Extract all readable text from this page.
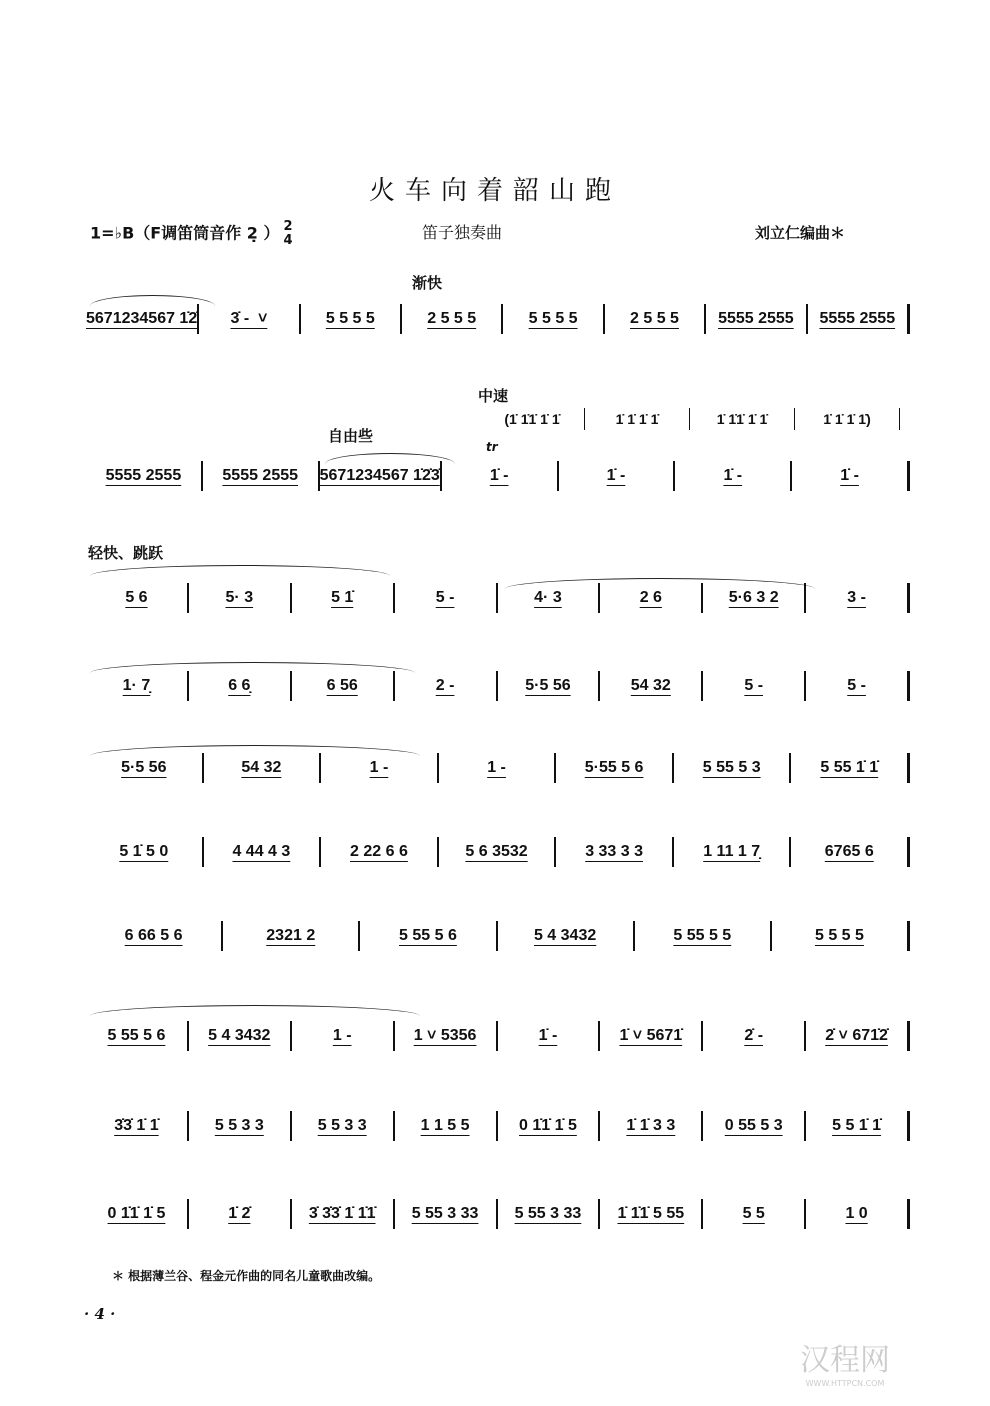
火车向着韶山跑
1=♭B（F调笛筒音作 2̣ ） 2
4	笛子独奏曲	刘立仁编曲＊
渐快
自由些
中速
tr
轻快、跳跃
(1̇ 1̇1̇ 1̇ 1̇	1̇ 1̇ 1̇ 1̇	1̇ 1̇1̇ 1̇ 1̇	1̇ 1̇ 1̇ 1̇)
5671234567 1̇2̇	3̇ -  ˅	5 5 5 5	2 5 5 5	5 5 5 5	2 5 5 5	5555 2555	5555 2555
5555 2555	5555 2555	5671234567 1̇2̇3̇	1̇ -	1̇ -	1̇ -	1̇ -
5 6	5· 3	5 1̇	5 -	4· 3	2 6	5·6 3 2	3 -
1· 7̣	6 6̣	6 56	2 -	5·5 56	54 32	5 -	5 -
5·5 56	54 32	1 -	1 -	5·55 5 6	5 55 5 3	5 55 1̇ 1̇
5 1̇ 5 0	4 44 4 3	2 22 6 6	5 6 3532	3 33 3 3	1 11 1 7̣	6765 6
6 66 5 6	2321 2	5 55 5 6	5 4 3432	5 55 5 5	5 5 5 5
5 55 5 6	5 4 3432	1 -	1 ˅ 5356	1̇ -	1̇ ˅ 5671̇	2̇ -	2̇ ˅ 671̇2̇
3̇3̇ 1̇ 1̇	5 5 3 3	5 5 3 3	1 1 5 5	0 1̇1̇ 1̇ 5	1̇ 1̇ 3 3	0 55 5 3	5 5 1̇ 1̇
0 1̇1̇ 1̇ 5	1̇ 2̇	3̇ 3̇3̇ 1̇ 1̇1̇	5 55 3 33	5 55 3 33	1̇ 1̇1̇ 5 55	5 5	1 0
＊ 根据薄兰谷、程金元作曲的同名儿童歌曲改编。
· 4 ·
汉程网
WWW.HTTPCN.COM
